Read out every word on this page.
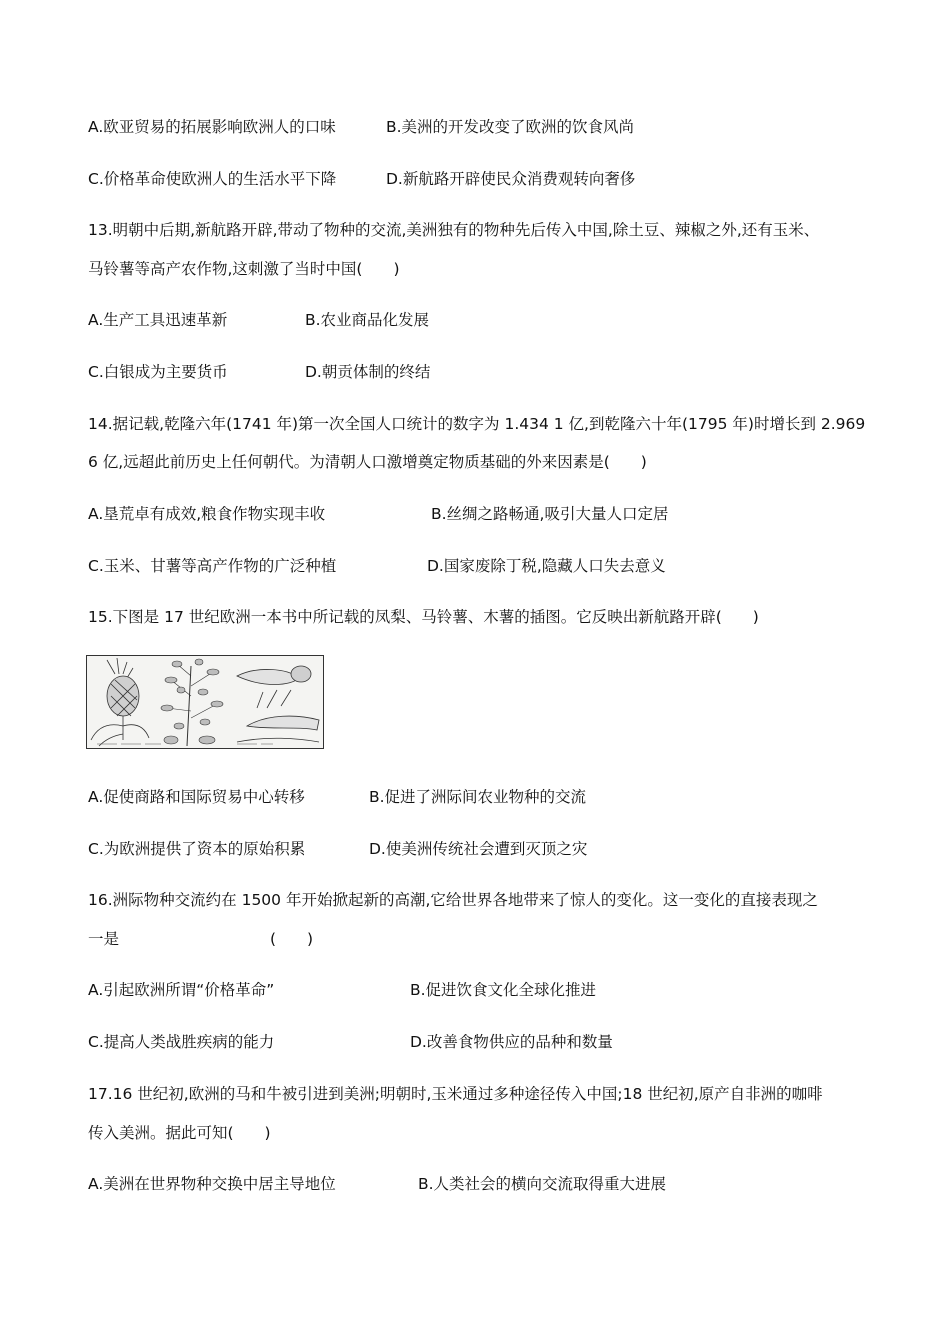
A.欧亚贸易的拓展影响欧洲人的口味	B.美洲的开发改变了欧洲的饮食风尚
C.价格革命使欧洲人的生活水平下降	D.新航路开辟使民众消费观转向奢侈
13.明朝中后期,新航路开辟,带动了物种的交流,美洲独有的物种先后传入中国,除土豆、辣椒之外,还有玉米、
马铃薯等高产农作物,这刺激了当时中国(　　)
A.生产工具迅速革新	B.农业商品化发展
C.白银成为主要货币	D.朝贡体制的终结
14.据记载,乾隆六年(1741 年)第一次全国人口统计的数字为 1.434 1 亿,到乾隆六十年(1795 年)时增长到 2.969
6 亿,远超此前历史上任何朝代。为清朝人口激增奠定物质基础的外来因素是(　　)
A.垦荒卓有成效,粮食作物实现丰收	B.丝绸之路畅通,吸引大量人口定居
C.玉米、甘薯等高产作物的广泛种植	D.国家废除丁税,隐藏人口失去意义
15.下图是 17 世纪欧洲一本书中所记载的凤梨、马铃薯、木薯的插图。它反映出新航路开辟(　　)
A.促使商路和国际贸易中心转移	B.促进了洲际间农业物种的交流
C.为欧洲提供了资本的原始积累	D.使美洲传统社会遭到灭顶之灾
16.洲际物种交流约在 1500 年开始掀起新的高潮,它给世界各地带来了惊人的变化。这一变化的直接表现之
一是	(　　)
A.引起欧洲所谓“价格革命”	B.促进饮食文化全球化推进
C.提高人类战胜疾病的能力	D.改善食物供应的品种和数量
17.16 世纪初,欧洲的马和牛被引进到美洲;明朝时,玉米通过多种途径传入中国;18 世纪初,原产自非洲的咖啡
传入美洲。据此可知(　　)
A.美洲在世界物种交换中居主导地位	B.人类社会的横向交流取得重大进展
